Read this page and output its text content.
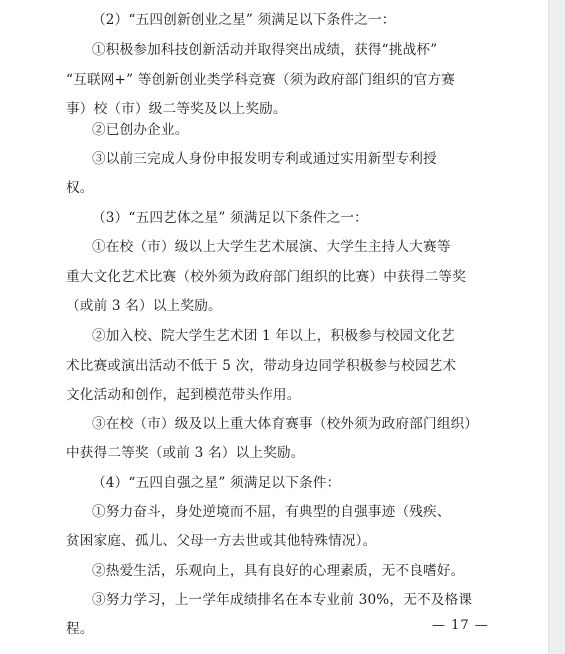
（2）“五四创新创业之星” 须满足以下条件之一：
①积极参加科技创新活动并取得突出成绩，获得“挑战杯”
“互联网+” 等创新创业类学科竞赛（须为政府部门组织的官方赛
事）校（市）级二等奖及以上奖励。
②已创办企业。
③以前三完成人身份申报发明专利或通过实用新型专利授
权。
（3）“五四艺体之星” 须满足以下条件之一：
①在校（市）级以上大学生艺术展演、大学生主持人大赛等
重大文化艺术比赛（校外须为政府部门组织的比赛）中获得二等奖
（或前 3 名）以上奖励。
②加入校、院大学生艺术团 1 年以上，积极参与校园文化艺
术比赛或演出活动不低于 5 次，带动身边同学积极参与校园艺术
文化活动和创作，起到模范带头作用。
③在校（市）级及以上重大体育赛事（校外须为政府部门组织）
中获得二等奖（或前 3 名）以上奖励。
（4）“五四自强之星” 须满足以下条件：
①努力奋斗，身处逆境而不屈，有典型的自强事迹（残疾、
贫困家庭、孤儿、父母一方去世或其他特殊情况）。
②热爱生活，乐观向上，具有良好的心理素质，无不良嗜好。
③努力学习，上一学年成绩排名在本专业前 30%，无不及格课
程。	— 17 —
